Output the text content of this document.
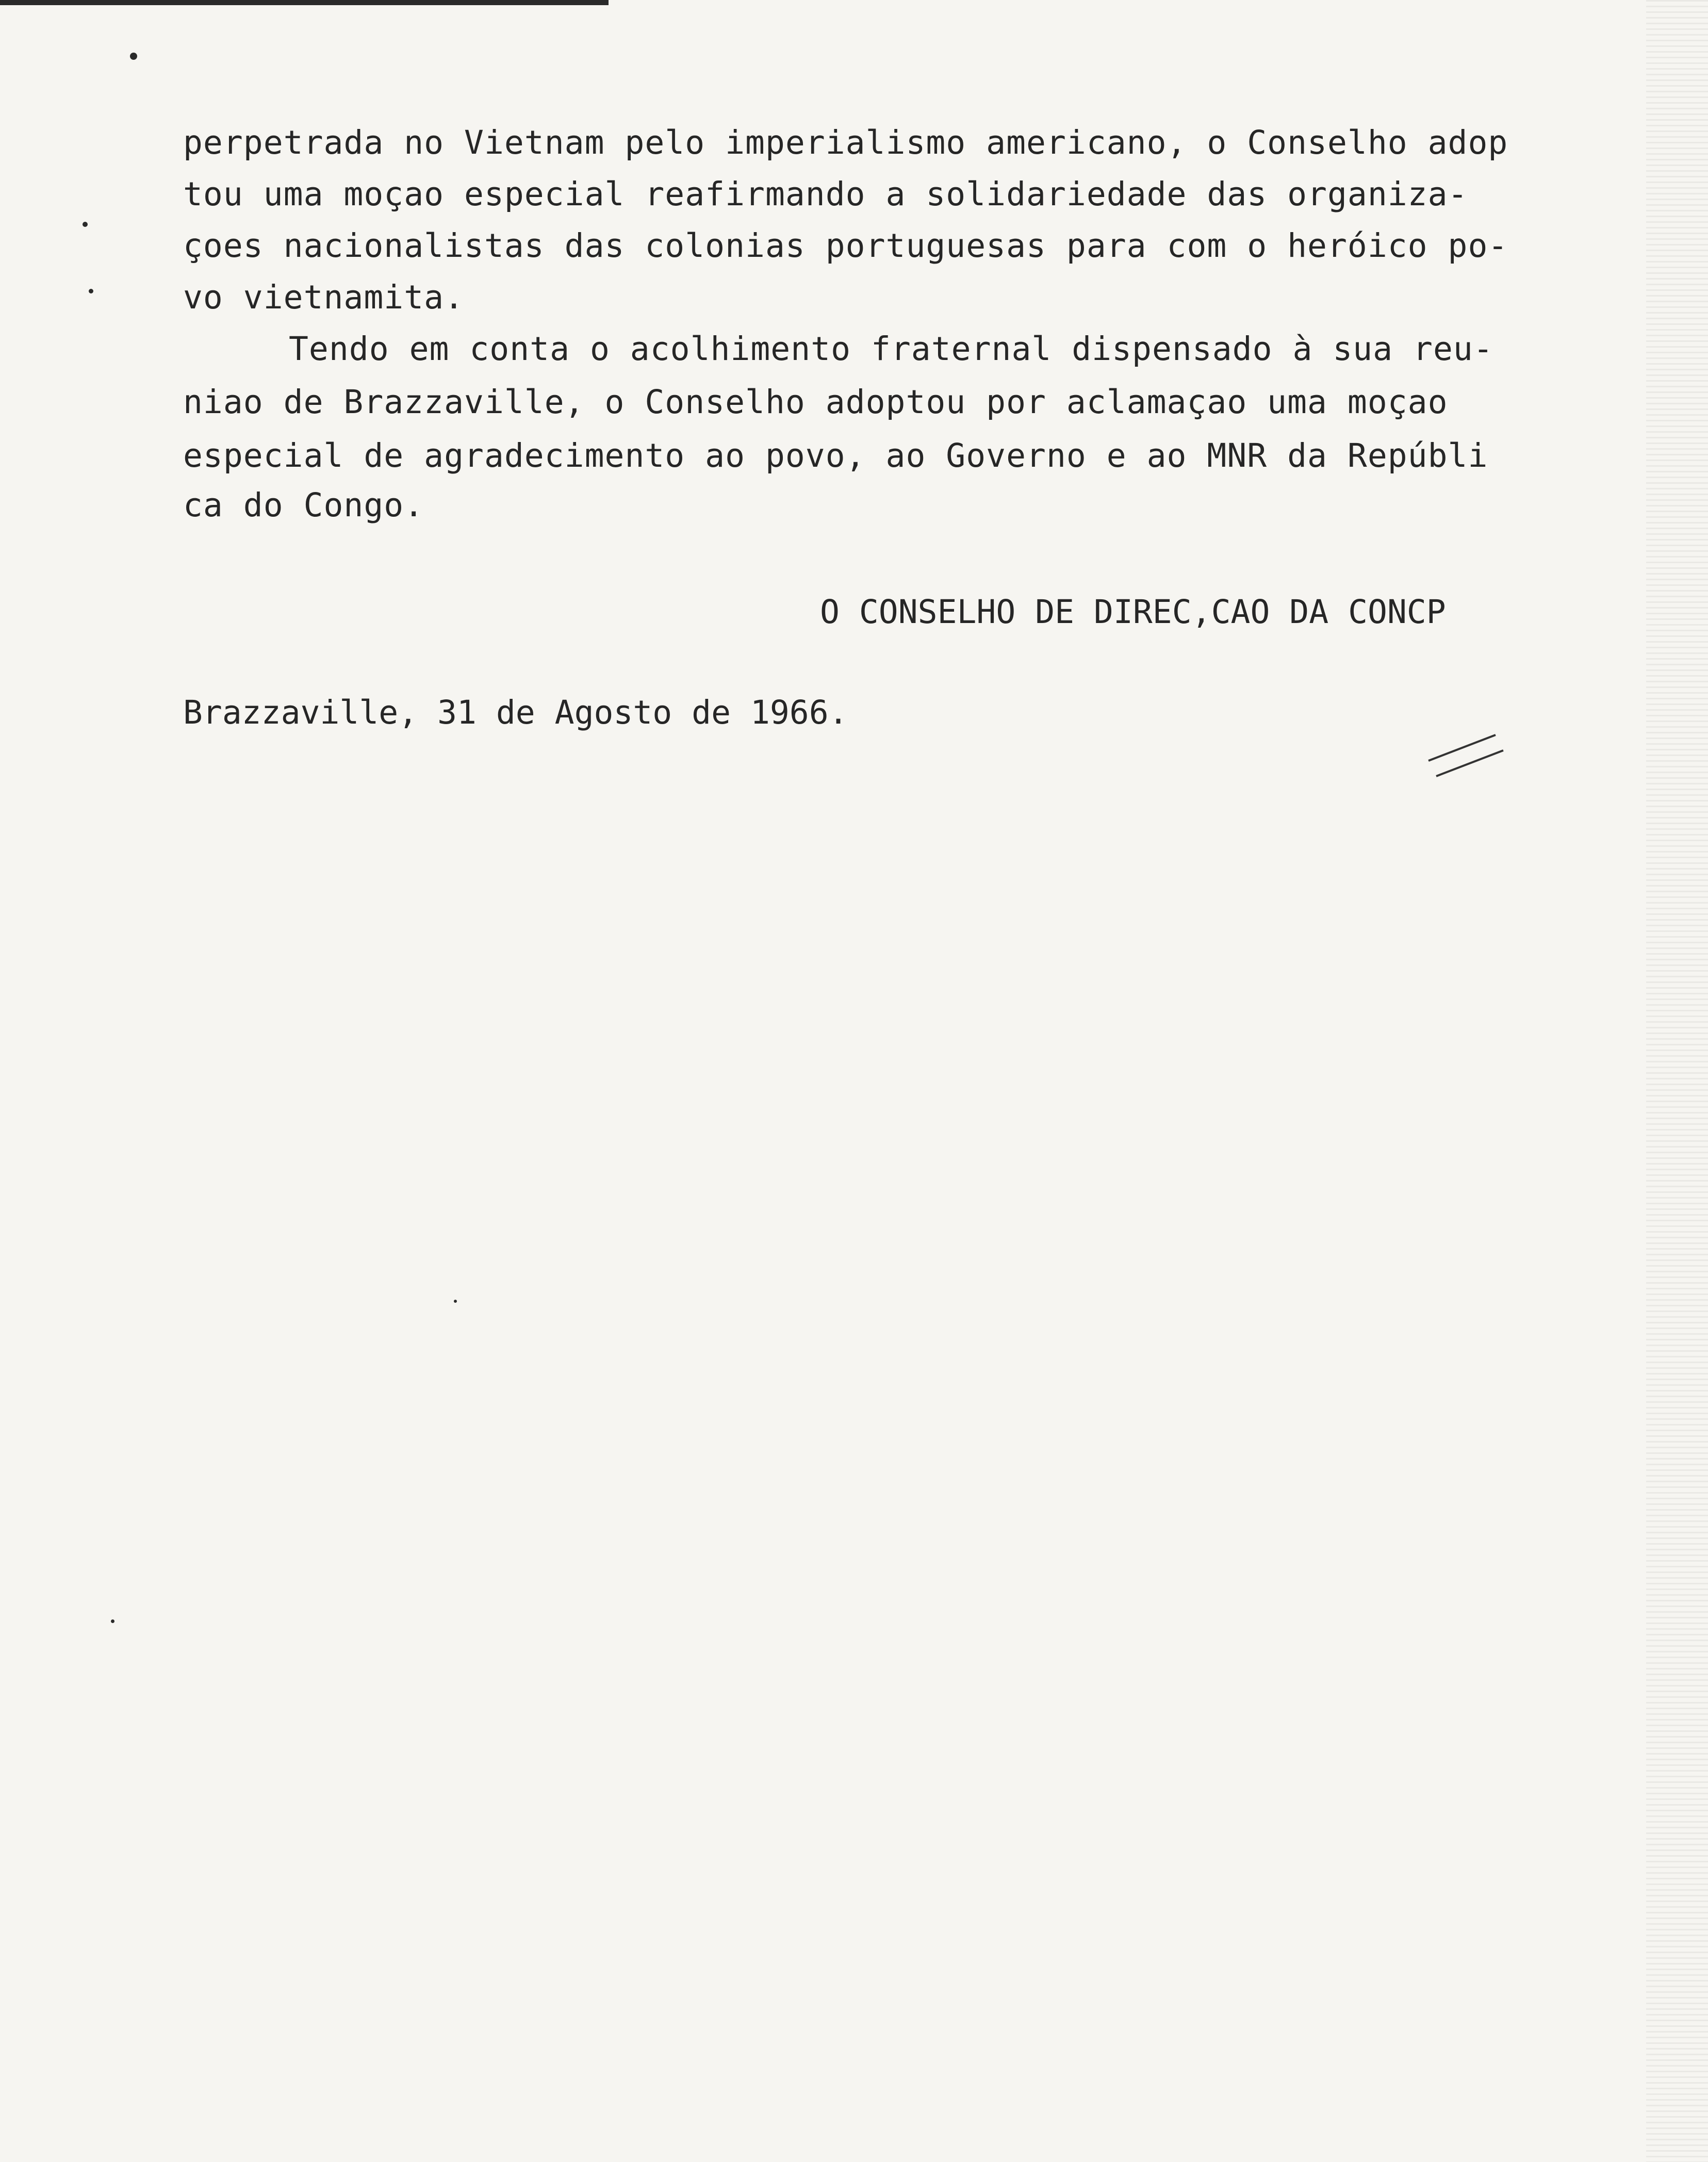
perpetrada no Vietnam pelo imperialismo americano, o Conselho adop
tou uma moçao especial reafirmando a solidariedade das organiza-
çoes nacionalistas das colonias portuguesas para com o heróico po-
vo vietnamita.
Tendo em conta o acolhimento fraternal dispensado à sua reu-
niao de Brazzaville, o Conselho adoptou por aclamaçao uma moçao
especial de agradecimento ao povo, ao Governo e ao MNR da Repúbli
ca do Congo.
O CONSELHO DE DIREC,CAO DA CONCP
Brazzaville, 31 de Agosto de 1966.
